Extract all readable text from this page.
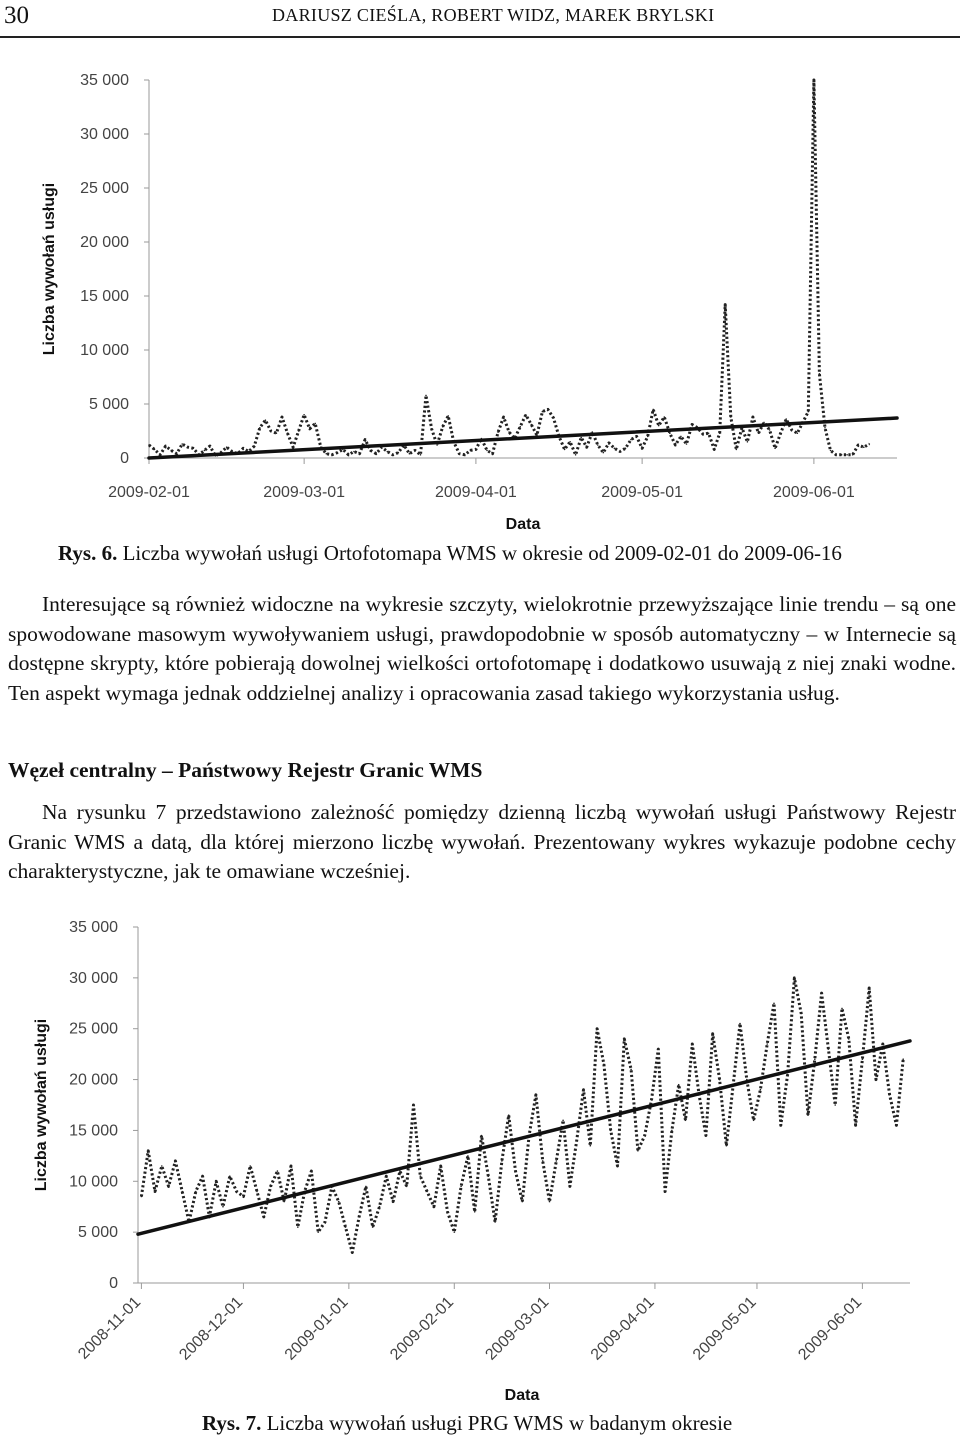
30	DARIUSZ CIEŚLA, ROBERT WIDZ, MAREK BRYLSKI
0
5 000
10 000
15 000
20 000
25 000
30 000
35 000
2009-02-01	2009-03-01	2009-04-01	2009-05-01	2009-06-01
Liczba wywołań usługi
Data
Rys. 6. Liczba wywołań usługi Ortofotomapa WMS w okresie od 2009-02-01 do 2009-06-16

Interesujące są również widoczne na wykresie szczyty, wielokrotnie przewyższające linie trendu – są one spowodowane masowym wywoływaniem usługi, prawdopodobnie w sposób automatyczny – w Internecie są dostępne skrypty, które pobierają dowolnej wielkości ortofotomapę i dodatkowo usuwają z niej znaki wodne. Ten aspekt wymaga jednak oddzielnej analizy i opracowania zasad takiego wykorzystania usług.

Węzeł centralny – Państwowy Rejestr Granic WMS

Na rysunku 7 przedstawiono zależność pomiędzy dzienną liczbą wywołań usługi Państwowy Rejestr Granic WMS a datą, dla której mierzono liczbę wywołań. Prezentowany wykres wykazuje podobne cechy charakterystyczne, jak te omawiane wcześniej.

0
5 000
10 000
15 000
20 000
25 000
30 000
35 000
2008-11-01 2008-12-01 2009-01-01 2009-02-01 2009-03-01 2009-04-01 2009-05-01 2009-06-01
Liczba wywołań usługi
Data
Rys. 7. Liczba wywołań usługi PRG WMS w badanym okresie
